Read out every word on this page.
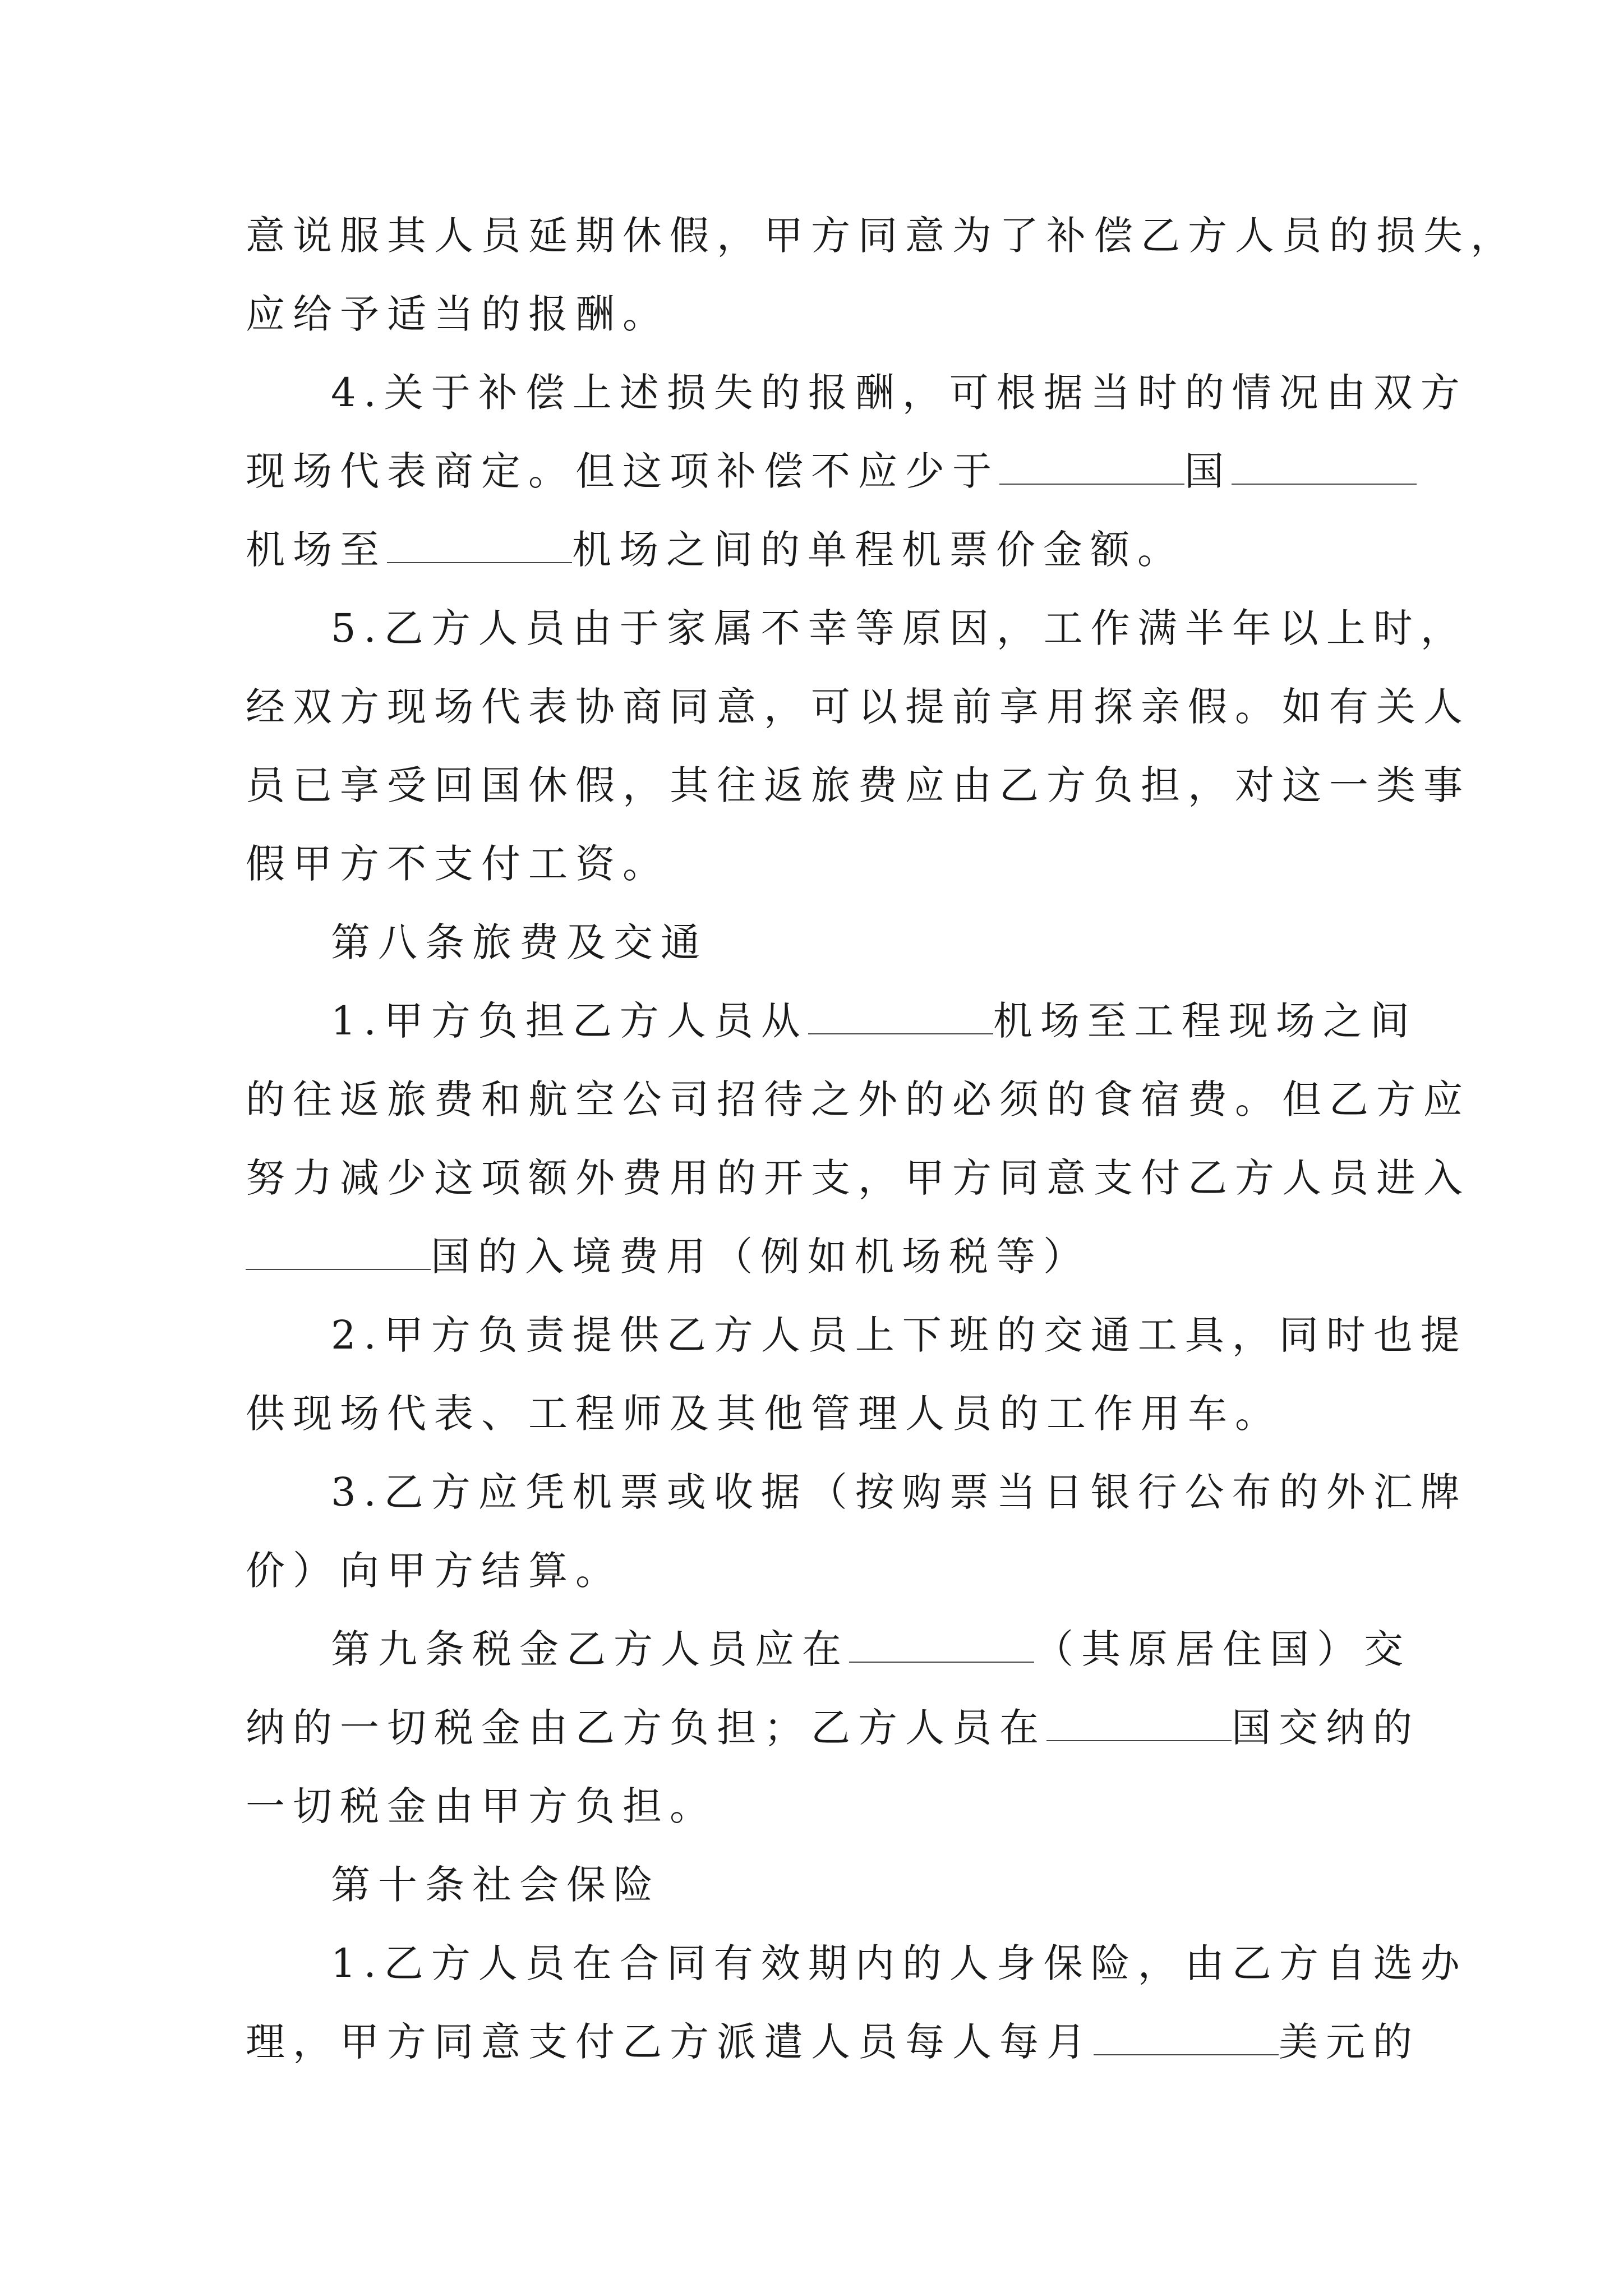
意说服其人员延期休假，甲方同意为了补偿乙方人员的损失，
应给予适当的报酬。
4.关于补偿上述损失的报酬，可根据当时的情况由双方
现场代表商定。但这项补偿不应少于	国
机场至	机场之间的单程机票价金额。
5.乙方人员由于家属不幸等原因，工作满半年以上时，
经双方现场代表协商同意，可以提前享用探亲假。如有关人
员已享受回国休假，其往返旅费应由乙方负担，对这一类事
假甲方不支付工资。
第八条旅费及交通
1.甲方负担乙方人员从	机场至工程现场之间
的往返旅费和航空公司招待之外的必须的食宿费。但乙方应
努力减少这项额外费用的开支，甲方同意支付乙方人员进入
国的入境费用（例如机场税等）
2.甲方负责提供乙方人员上下班的交通工具，同时也提
供现场代表、工程师及其他管理人员的工作用车。
3.乙方应凭机票或收据（按购票当日银行公布的外汇牌
价）向甲方结算。
第九条税金乙方人员应在	（其原居住国）交
纳的一切税金由乙方负担；乙方人员在	国交纳的
一切税金由甲方负担。
第十条社会保险
1.乙方人员在合同有效期内的人身保险，由乙方自选办
理，甲方同意支付乙方派遣人员每人每月	美元的
